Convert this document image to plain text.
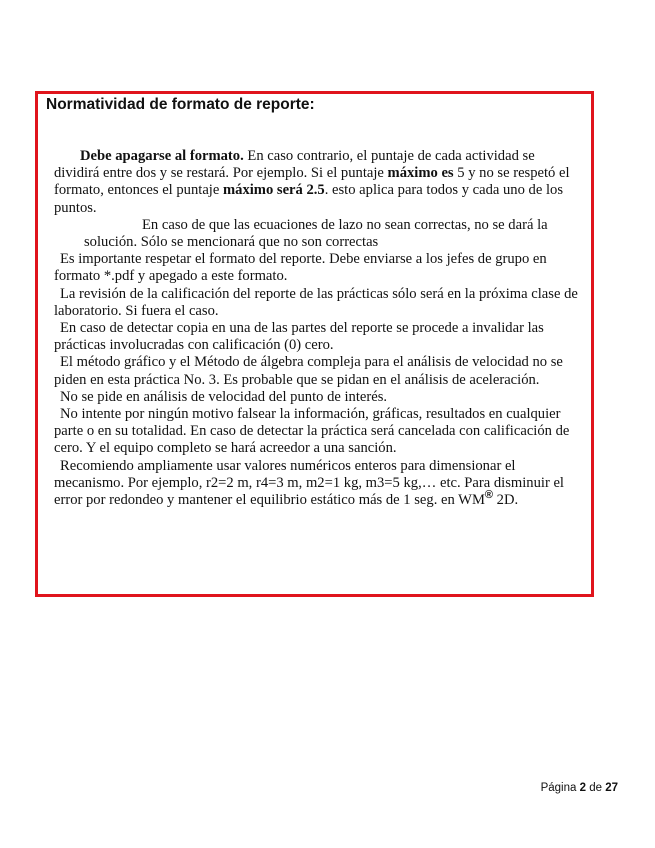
Normatividad de formato de reporte:

Debe apagarse al formato. En caso contrario, el puntaje de cada actividad se dividirá entre dos y se restará. Por ejemplo. Si el puntaje máximo es 5 y no se respetó el formato, entonces el puntaje máximo será 2.5. esto aplica para todos y cada uno de los puntos.

En caso de que las ecuaciones de lazo no sean correctas, no se dará la solución. Sólo se mencionará que no son correctas

Es importante respetar el formato del reporte. Debe enviarse a los jefes de grupo en formato *.pdf y apegado a este formato.

La revisión de la calificación del reporte de las prácticas sólo será en la próxima clase de laboratorio. Si fuera el caso.

En caso de detectar copia en una de las partes del reporte se procede a invalidar las prácticas involucradas con calificación (0) cero.

El método gráfico y el Método de álgebra compleja para el análisis de velocidad no se piden en esta práctica No. 3. Es probable que se pidan en el análisis de aceleración.

No se pide en análisis de velocidad del punto de interés.

No intente por ningún motivo falsear la información, gráficas, resultados en cualquier parte o en su totalidad. En caso de detectar la práctica será cancelada con calificación de cero. Y el equipo completo se hará acreedor a una sanción.

Recomiendo ampliamente usar valores numéricos enteros para dimensionar el mecanismo. Por ejemplo, r2=2 m, r4=3 m, m2=1 kg, m3=5 kg,… etc. Para disminuir el error por redondeo y mantener el equilibrio estático más de 1 seg. en WM® 2D.

Página 2 de 27
